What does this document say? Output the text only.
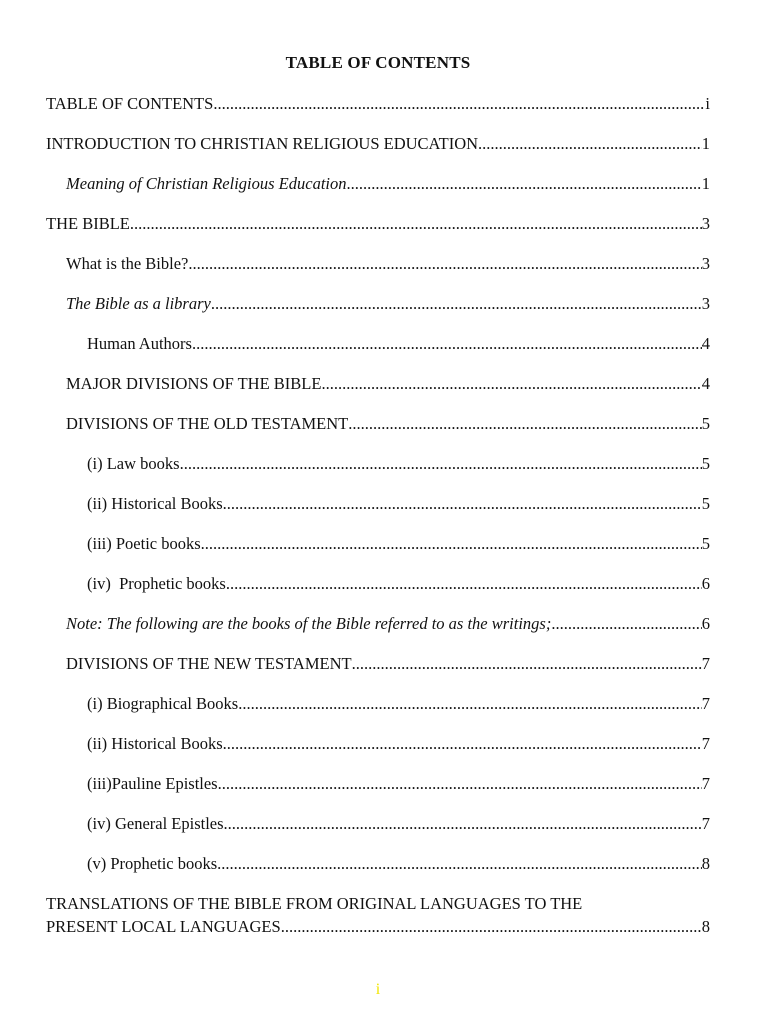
TABLE OF CONTENTS
TABLE OF CONTENTS .....	i
INTRODUCTION TO CHRISTIAN RELIGIOUS EDUCATION .....	1
Meaning of Christian Religious Education .....	1
THE BIBLE .....	3
What is the Bible? .....	3
The Bible as a library .....	3
Human Authors .....	4
MAJOR DIVISIONS OF THE BIBLE .....	4
DIVISIONS OF THE OLD TESTAMENT .....	5
(i) Law books .....	5
(ii) Historical Books .....	5
(iii) Poetic books .....	5
(iv)  Prophetic books .....	6
Note: The following are the books of the Bible referred to as the writings; .....	6
DIVISIONS OF THE NEW TESTAMENT .....	7
(i) Biographical Books .....	7
(ii) Historical Books .....	7
(iii)Pauline Epistles .....	7
(iv) General Epistles .....	7
(v) Prophetic books .....	8
TRANSLATIONS OF THE BIBLE FROM ORIGINAL LANGUAGES TO THE
PRESENT LOCAL LANGUAGES .....	8
i
